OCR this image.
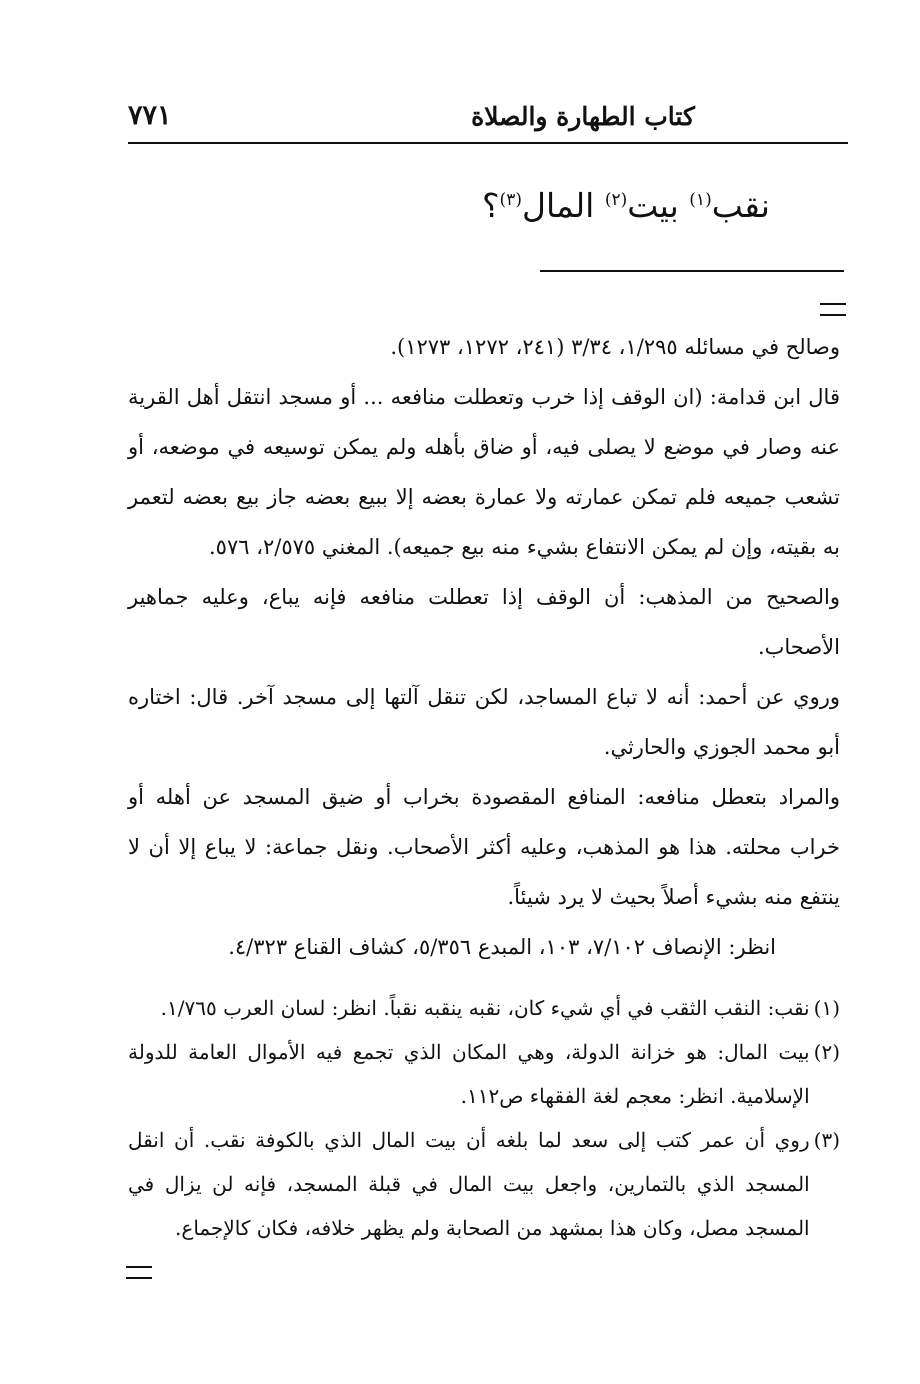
كتاب الطهارة والصلاة
٧٧١
نقب$^{(١)}$ بيت$^{(٢)}$ المال$^{(٣)}$؟

وصالح في مسائله ١/٢٩٥، ٣/٣٤ (٢٤١، ١٢٧٢، ١٢٧٣).

قال ابن قدامة: (ان الوقف إذا خرب وتعطلت منافعه ... أو مسجد انتقل أهل القرية عنه وصار في موضع لا يصلى فيه، أو ضاق بأهله ولم يمكن توسيعه في موضعه، أو تشعب جميعه فلم تمكن عمارته ولا عمارة بعضه إلا ببيع بعضه جاز بيع بعضه لتعمر به بقيته، وإن لم يمكن الانتفاع بشيء منه بيع جميعه). المغني ٢/٥٧٥، ٥٧٦.

والصحيح من المذهب: أن الوقف إذا تعطلت منافعه فإنه يباع، وعليه جماهير الأصحاب.

وروي عن أحمد: أنه لا تباع المساجد، لكن تنقل آلتها إلى مسجد آخر. قال: اختاره أبو محمد الجوزي والحارثي.

والمراد بتعطل منافعه: المنافع المقصودة بخراب أو ضيق المسجد عن أهله أو خراب محلته. هذا هو المذهب، وعليه أكثر الأصحاب. ونقل جماعة: لا يباع إلا أن لا ينتفع منه بشيء أصلاً بحيث لا يرد شيئاً.

انظر: الإنصاف ٧/١٠٢، ١٠٣، المبدع ٥/٣٥٦، كشاف القناع ٤/٣٢٣.

(١)
نقب: النقب الثقب في أي شيء كان، نقبه ينقبه نقباً. انظر: لسان العرب ١/٧٦٥.
(٢)
بيت المال: هو خزانة الدولة، وهي المكان الذي تجمع فيه الأموال العامة للدولة الإسلامية. انظر: معجم لغة الفقهاء ص١١٢.
(٣)
روي أن عمر كتب إلى سعد لما بلغه أن بيت المال الذي بالكوفة نقب. أن انقل المسجد الذي بالتمارين، واجعل بيت المال في قبلة المسجد، فإنه لن يزال في المسجد مصل، وكان هذا بمشهد من الصحابة ولم يظهر خلافه، فكان كالإجماع.
